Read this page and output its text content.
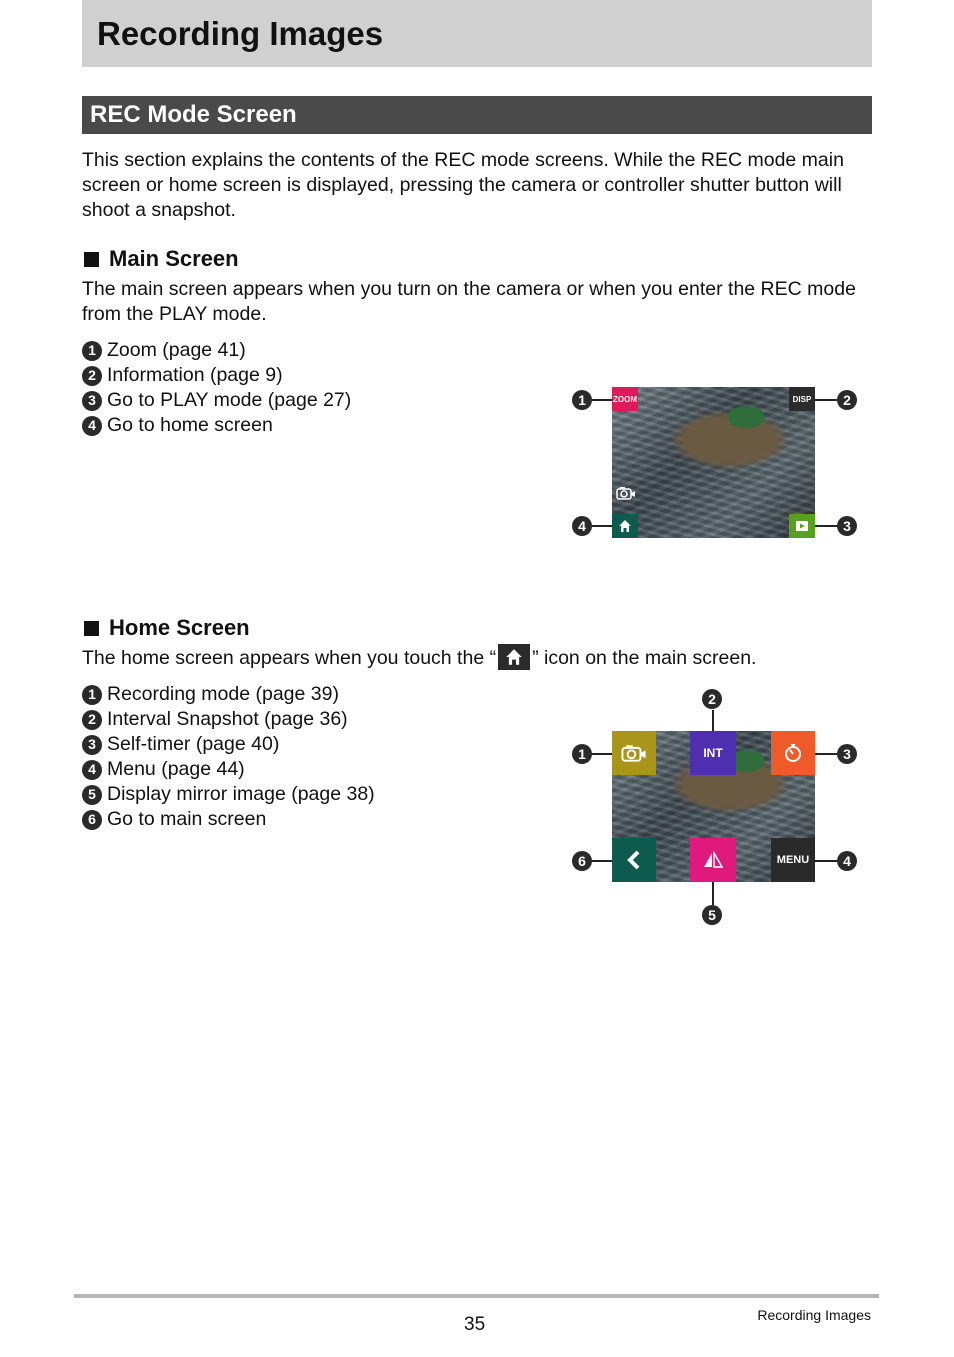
Recording Images
REC Mode Screen

This section explains the contents of the REC mode screens. While the REC mode main screen or home screen is displayed, pressing the camera or controller shutter button will shoot a snapshot.

Main Screen

The main screen appears when you turn on the camera or when you enter the REC mode from the PLAY mode.

1 Zoom (page 41)
2 Information (page 9)
3 Go to PLAY mode (page 27)
4 Go to home screen
ZOOM	DISP
1	2
3
4
Home Screen

The home screen appears when you touch the “ ” icon on the main screen.

1 Recording mode (page 39)
2 Interval Snapshot (page 36)
3 Self-timer (page 40)
4 Menu (page 44)
5 Display mirror image (page 38)
6 Go to main screen
INT
MENU
1
2
3
4
5
6
35	Recording Images
